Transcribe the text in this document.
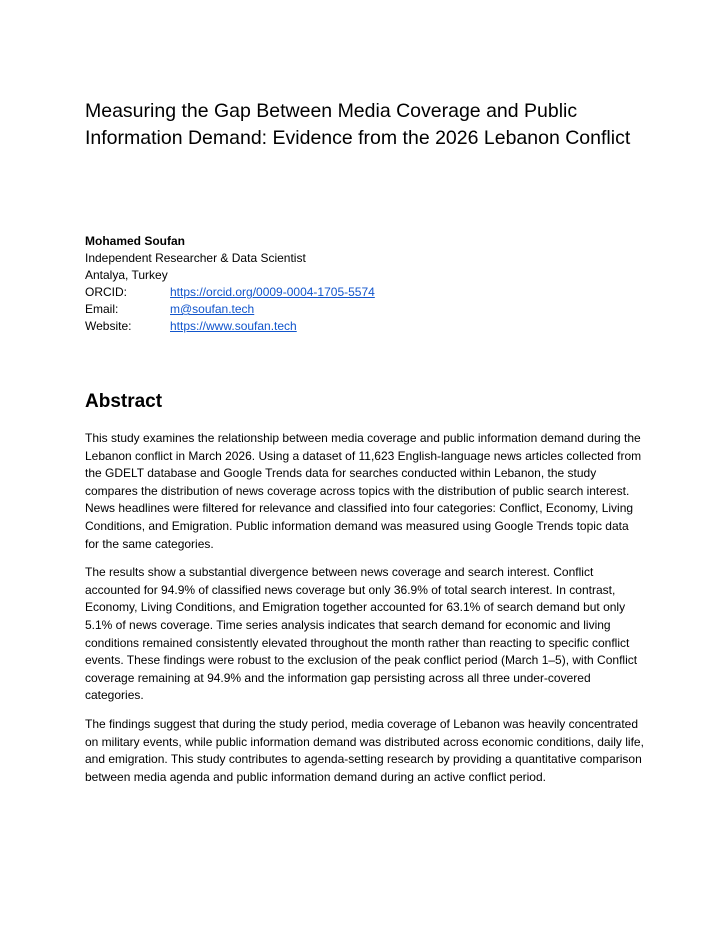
Measuring the Gap Between Media Coverage and Public Information Demand: Evidence from the 2026 Lebanon Conflict
Mohamed Soufan
Independent Researcher & Data Scientist
Antalya, Turkey
ORCID:	https://orcid.org/0009-0004-1705-5574
Email:	m@soufan.tech
Website:	https://www.soufan.tech
Abstract

This study examines the relationship between media coverage and public information demand during the Lebanon conflict in March 2026. Using a dataset of 11,623 English-language news articles collected from the GDELT database and Google Trends data for searches conducted within Lebanon, the study compares the distribution of news coverage across topics with the distribution of public search interest. News headlines were filtered for relevance and classified into four categories: Conflict, Economy, Living Conditions, and Emigration. Public information demand was measured using Google Trends topic data for the same categories.

The results show a substantial divergence between news coverage and search interest. Conflict accounted for 94.9% of classified news coverage but only 36.9% of total search interest. In contrast, Economy, Living Conditions, and Emigration together accounted for 63.1% of search demand but only 5.1% of news coverage. Time series analysis indicates that search demand for economic and living conditions remained consistently elevated throughout the month rather than reacting to specific conflict events. These findings were robust to the exclusion of the peak conflict period (March 1–5), with Conflict coverage remaining at 94.9% and the information gap persisting across all three under-covered categories.

The findings suggest that during the study period, media coverage of Lebanon was heavily concentrated on military events, while public information demand was distributed across economic conditions, daily life, and emigration. This study contributes to agenda-setting research by providing a quantitative comparison between media agenda and public information demand during an active conflict period.
